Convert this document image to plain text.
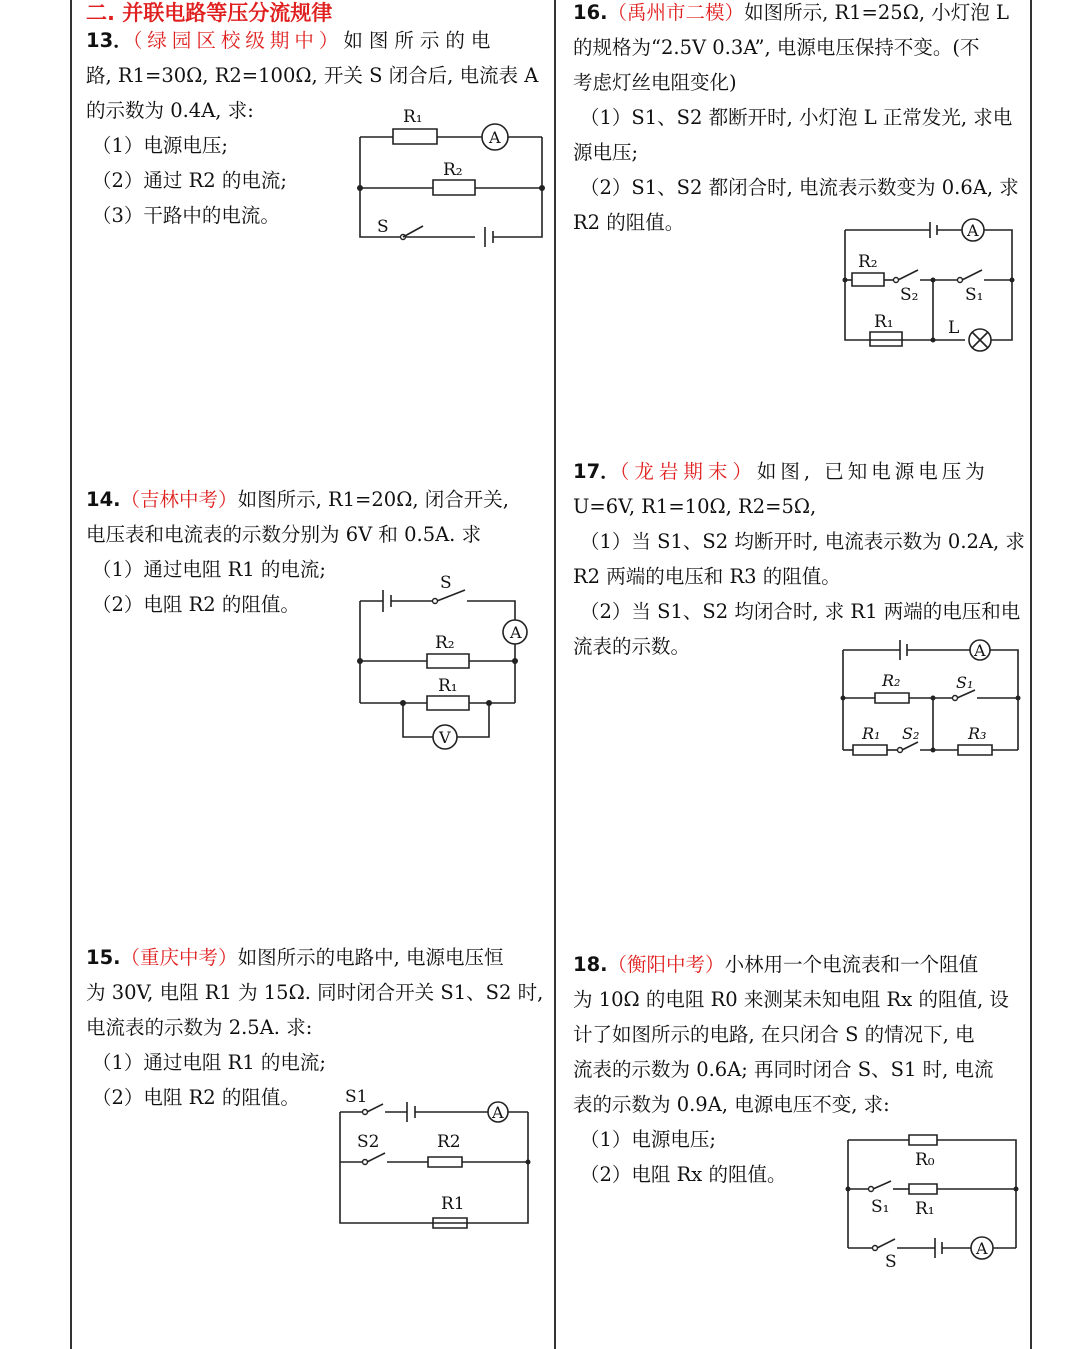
二. 并联电路等压分流规律
13．（绿园区校级期中）如图所示的电
路, R1=30Ω, R2=100Ω, 开关 S 闭合后, 电流表 A
的示数为 0.4A, 求:
（1）电源电压;
（2）通过 R2 的电流;
（3）干路中的电流。
R₁
A
R₂
S
14.（吉林中考）如图所示, R1=20Ω, 闭合开关,
电压表和电流表的示数分别为 6V 和 0.5A. 求
（1）通过电阻 R1 的电流;
（2）电阻 R2 的阻值。
S
R₂
R₁
A
V
15.（重庆中考）如图所示的电路中, 电源电压恒
为 30V, 电阻 R1 为 15Ω. 同时闭合开关 S1、S2 时,
电流表的示数为 2.5A. 求:
（1）通过电阻 R1 的电流;
（2）电阻 R2 的阻值。	S1
S2	R2
R1
A
16.（禹州市二模）如图所示, R1=25Ω, 小灯泡 L
的规格为“2.5V 0.3A”, 电源电压保持不变。(不
考虑灯丝电阻变化)
（1）S1、S2 都断开时, 小灯泡 L 正常发光, 求电
源电压;
（2）S1、S2 都闭合时, 电流表示数变为 0.6A, 求
R2 的阻值。	A
R₂
S₂	S₁
R₁	L
17．（龙岩期末）如图, 已知电源电压为
U=6V, R1=10Ω, R2=5Ω,
（1）当 S1、S2 均断开时, 电流表示数为 0.2A, 求
R2 两端的电压和 R3 的阻值。
（2）当 S1、S2 均闭合时, 求 R1 两端的电压和电
流表的示数。	A
R₂	S₁
R₁ S₂	R₃
18.（衡阳中考）小林用一个电流表和一个阻值
为 10Ω 的电阻 R0 来测某未知电阻 Rx 的阻值, 设
计了如图所示的电路, 在只闭合 S 的情况下, 电
流表的示数为 0.6A; 再同时闭合 S、S1 时, 电流
表的示数为 0.9A, 电源电压不变, 求:
（1）电源电压;
（2）电阻 Rx 的阻值。
R₀
S₁ R₁
S
A
